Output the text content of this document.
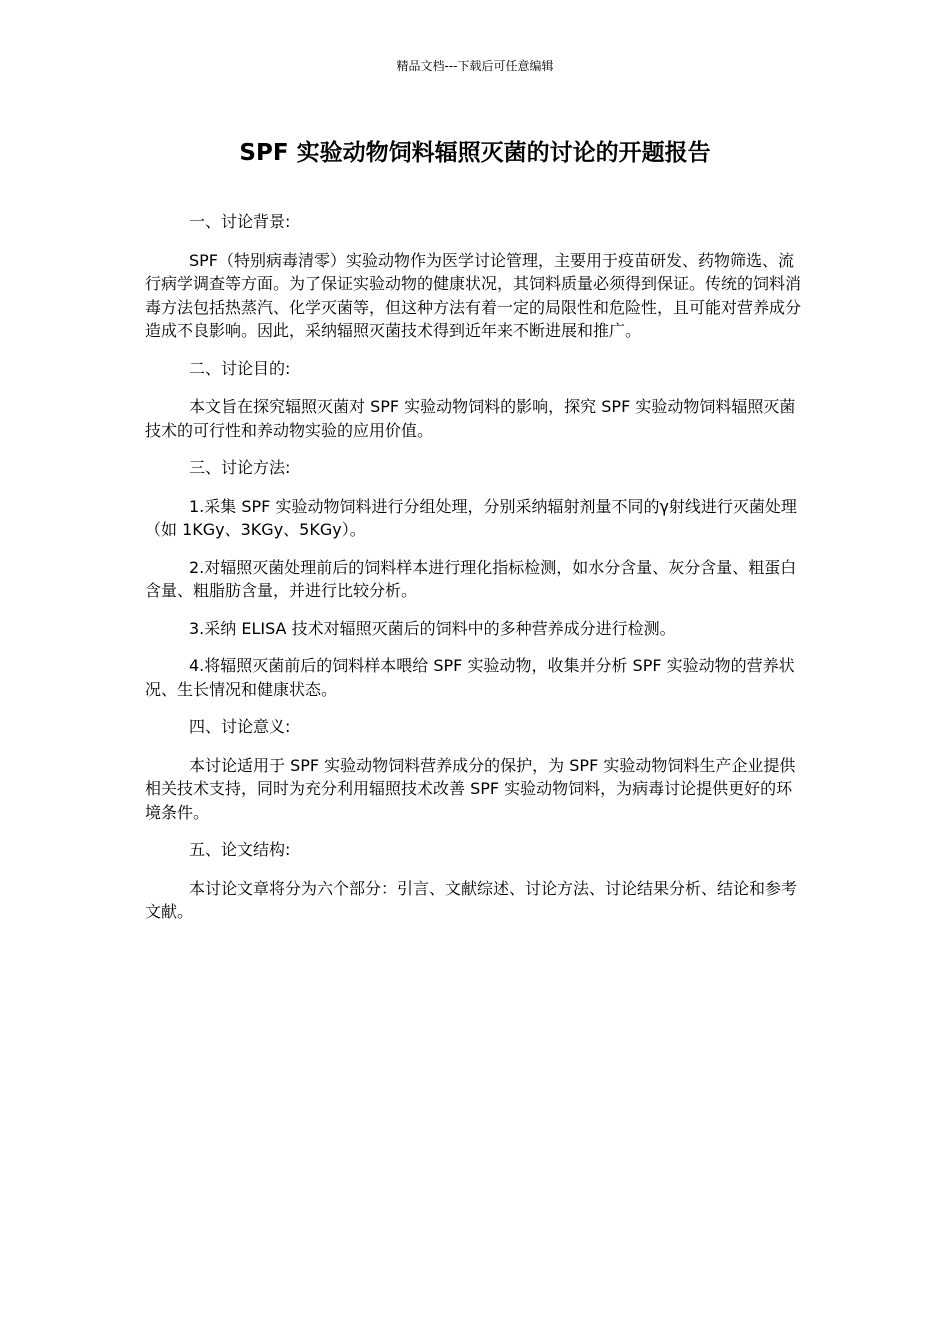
精品文档---下载后可任意编辑
SPF 实验动物饲料辐照灭菌的讨论的开题报告

一、讨论背景:

SPF（特别病毒清零）实验动物作为医学讨论管理，主要用于疫苗研发、药物筛选、流行病学调查等方面。为了保证实验动物的健康状况，其饲料质量必须得到保证。传统的饲料消毒方法包括热蒸汽、化学灭菌等，但这种方法有着一定的局限性和危险性，且可能对营养成分造成不良影响。因此，采纳辐照灭菌技术得到近年来不断进展和推广。

二、讨论目的:

本文旨在探究辐照灭菌对 SPF 实验动物饲料的影响，探究 SPF 实验动物饲料辐照灭菌技术的可行性和养动物实验的应用价值。

三、讨论方法:

1.采集 SPF 实验动物饲料进行分组处理，分别采纳辐射剂量不同的γ射线进行灭菌处理（如 1KGy、3KGy、5KGy）。

2.对辐照灭菌处理前后的饲料样本进行理化指标检测，如水分含量、灰分含量、粗蛋白含量、粗脂肪含量，并进行比较分析。

3.采纳 ELISA 技术对辐照灭菌后的饲料中的多种营养成分进行检测。

4.将辐照灭菌前后的饲料样本喂给 SPF 实验动物，收集并分析 SPF 实验动物的营养状况、生长情况和健康状态。

四、讨论意义:

本讨论适用于 SPF 实验动物饲料营养成分的保护，为 SPF 实验动物饲料生产企业提供相关技术支持，同时为充分利用辐照技术改善 SPF 实验动物饲料，为病毒讨论提供更好的环境条件。

五、论文结构:

本讨论文章将分为六个部分：引言、文献综述、讨论方法、讨论结果分析、结论和参考文献。
